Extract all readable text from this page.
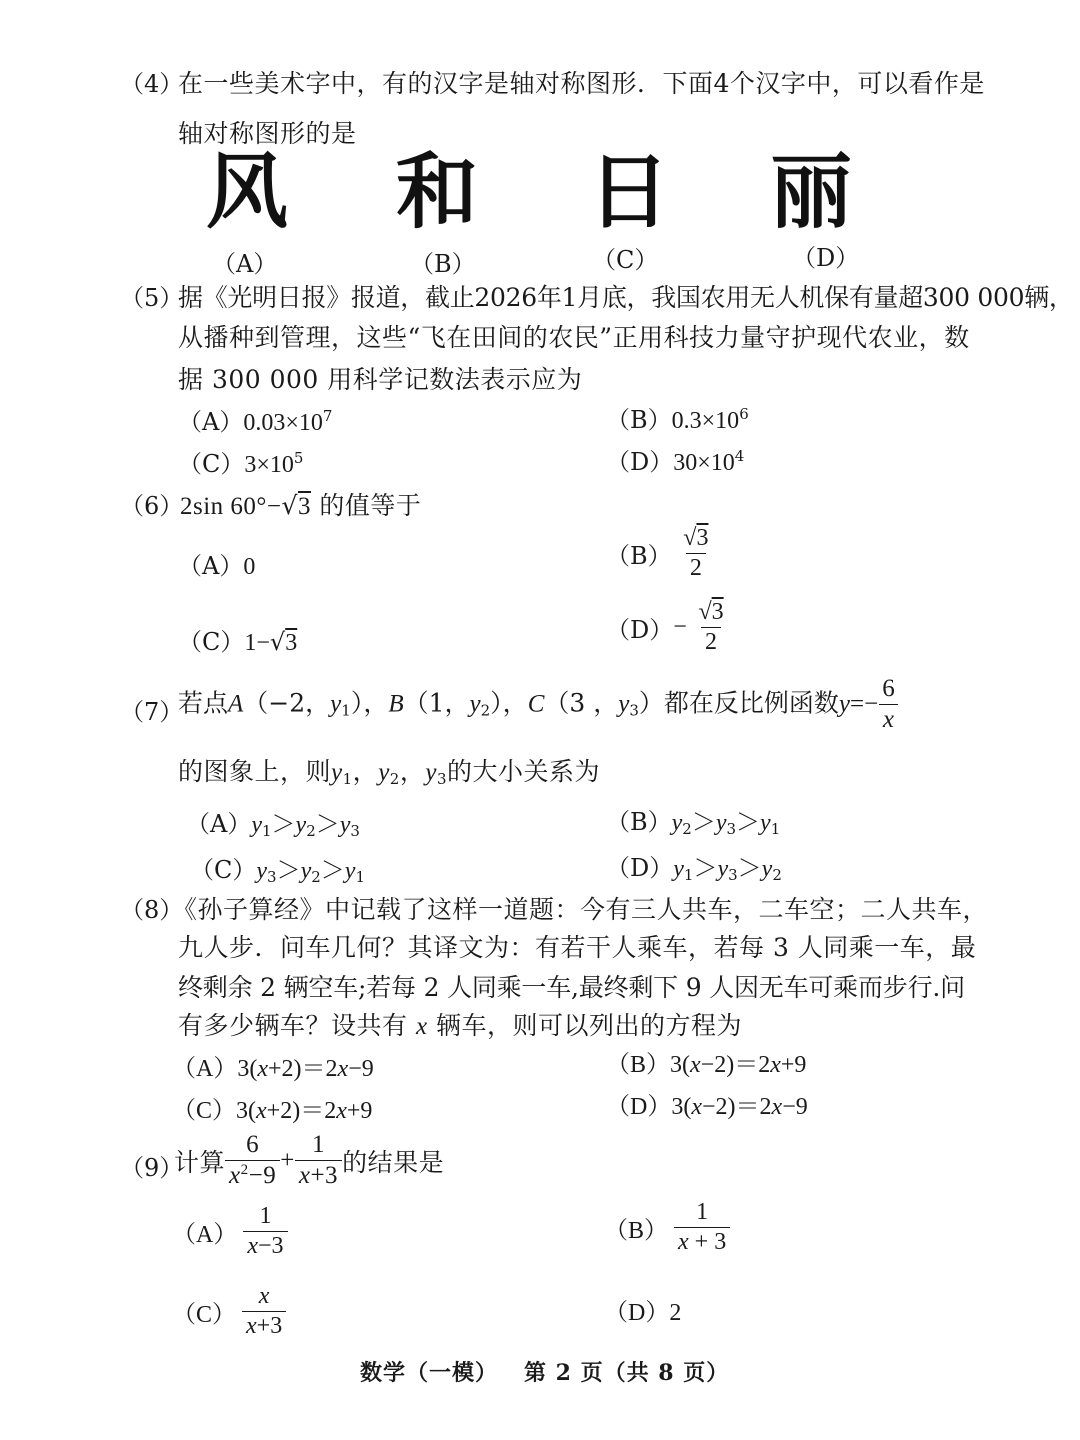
（4）
在一些美术字中，有的汉字是轴对称图形．下面4个汉字中，可以看作是
轴对称图形的是
风 和 日 丽
（A）	（B）	（C）	（D）
（5）
据《光明日报》报道，截止2026年1月底，我国农用无人机保有量超300 000辆，
从播种到管理，这些“飞在田间的农民”正用科技力量守护现代农业，数
据 300 000 用科学记数法表示应为
$(A)0.03\times 10^7$	$(B)0.3\times 10^6$
$(C)3\times 10^5$	$(D)30\times 10^4$
（6）
2sin 60°−√3 的值等于
（A）0	$(B) \frac{√3}{2}$
（C）1−√3	$(D)- \frac{√3}{2}$
（7）
若点A（−2，$y_1$），B（1，$y_2$），C（3 ，$y_3$）都在反比例函数$y=- \frac{6}{x}$
的图象上，则$y_1$，$y_2$，$y_3$的大小关系为
$(A)y_1>y_2>y_3$	$(B)y_2>y_3>y_1$
$(C)y_3>y_2>y_1$	$(D)y_1>y_3>y_2$
（8）
《孙子算经》中记载了这样一道题：今有三人共车，二车空；二人共车，
九人步．问车几何？其译文为：有若干人乘车，若每 3 人同乘一车，最
终剩余 2 辆空车;若每 2 人同乘一车,最终剩下 9 人因无车可乘而步行.问
有多少辆车？设共有 x 辆车，则可以列出的方程为
（A）3(x+2)＝2x−9	（B）3(x−2)＝2x+9
（C）3(x+2)＝2x+9	（D）3(x−2)＝2x−9
（9）
计算 $\frac{6}{x^2-9} + \frac{1}{x+3}$ 的结果是
$(A) \frac{1}{x-3}$	$(B) \frac{1}{x + 3}$
$(C) \frac{x}{x+3}$	（D）2
数学（一模）   第 2 页（共 8 页）
